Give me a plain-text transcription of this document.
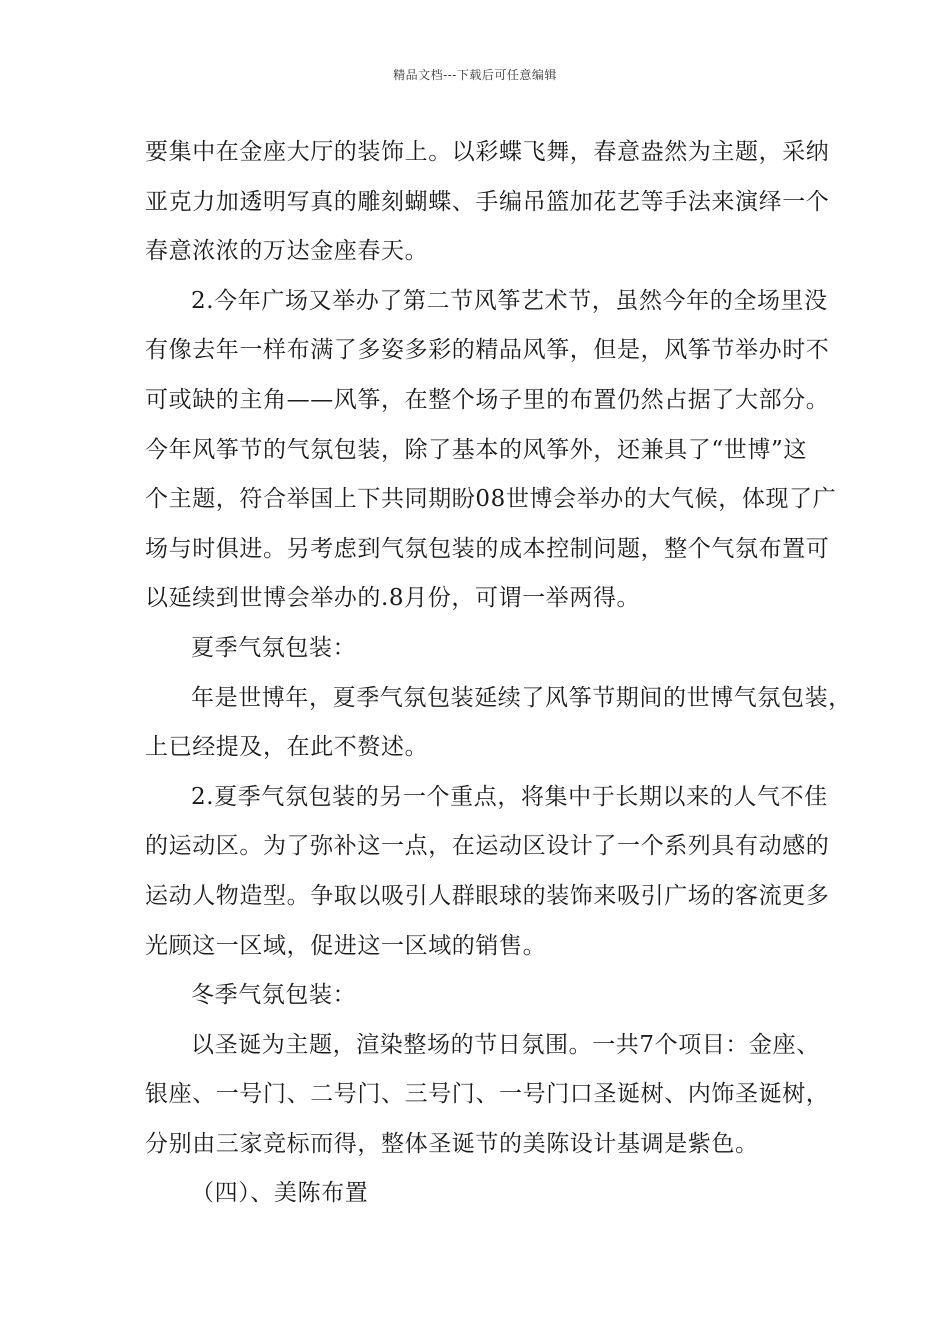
精品文档---下载后可任意编辑
要集中在金座大厅的装饰上。以彩蝶飞舞，春意盎然为主题，采纳
亚克力加透明写真的雕刻蝴蝶、手编吊篮加花艺等手法来演绎一个
春意浓浓的万达金座春天。
2.今年广场又举办了第二节风筝艺术节，虽然今年的全场里没
有像去年一样布满了多姿多彩的精品风筝，但是，风筝节举办时不
可或缺的主角——风筝，在整个场子里的布置仍然占据了大部分。
今年风筝节的气氛包装，除了基本的风筝外，还兼具了“世博”这
个主题，符合举国上下共同期盼08世博会举办的大气候，体现了广
场与时俱进。另考虑到气氛包装的成本控制问题，整个气氛布置可
以延续到世博会举办的.8月份，可谓一举两得。
夏季气氛包装：
年是世博年，夏季气氛包装延续了风筝节期间的世博气氛包装，
上已经提及，在此不赘述。
2.夏季气氛包装的另一个重点，将集中于长期以来的人气不佳
的运动区。为了弥补这一点，在运动区设计了一个系列具有动感的
运动人物造型。争取以吸引人群眼球的装饰来吸引广场的客流更多
光顾这一区域，促进这一区域的销售。
冬季气氛包装：
以圣诞为主题，渲染整场的节日氛围。一共7个项目：金座、
银座、一号门、二号门、三号门、一号门口圣诞树、内饰圣诞树，
分别由三家竞标而得，整体圣诞节的美陈设计基调是紫色。
（四）、美陈布置
